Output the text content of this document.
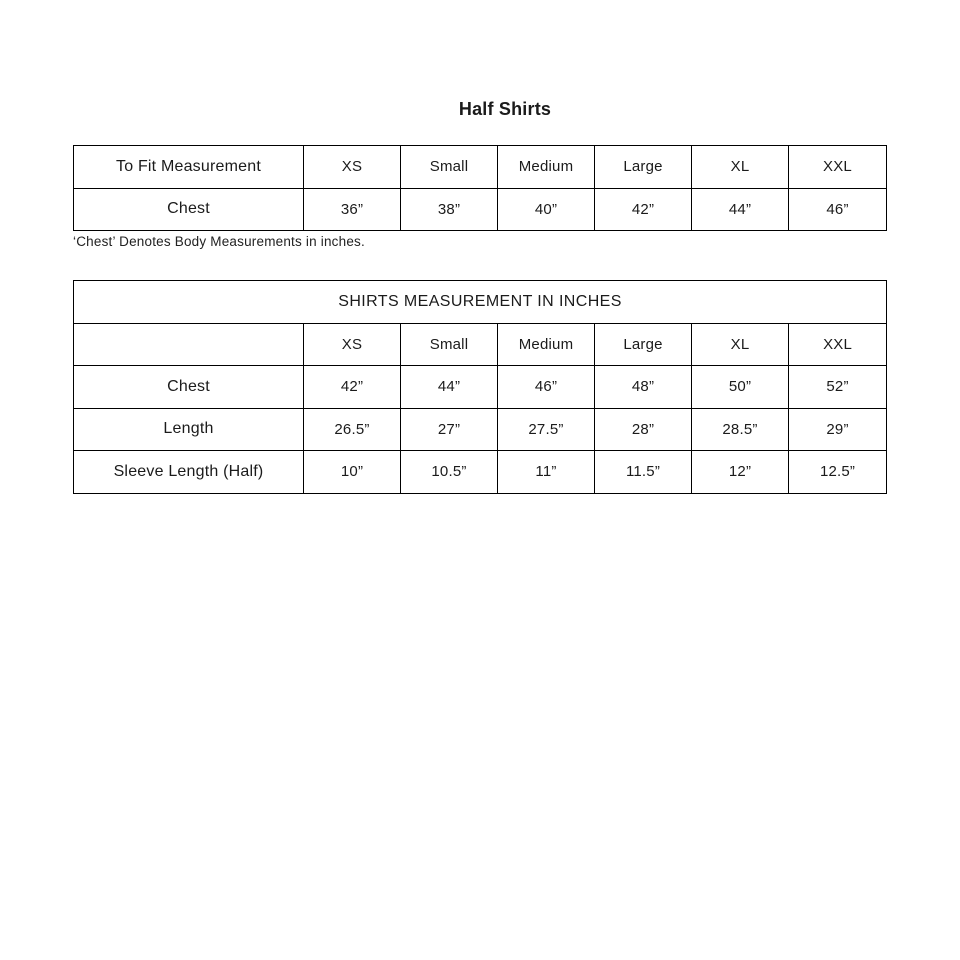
Half Shirts
To Fit Measurement	XS	Small	Medium	Large	XL	XXL
Chest	36”	38”	40”	42”	44”	46”
‘Chest’ Denotes Body Measurements in inches.
SHIRTS MEASUREMENT IN INCHES						
	XS	Small	Medium	Large	XL	XXL
Chest	42”	44”	46”	48”	50”	52”
Length	26.5”	27”	27.5”	28”	28.5”	29”
Sleeve Length (Half)	10”	10.5”	11”	11.5”	12”	12.5”
